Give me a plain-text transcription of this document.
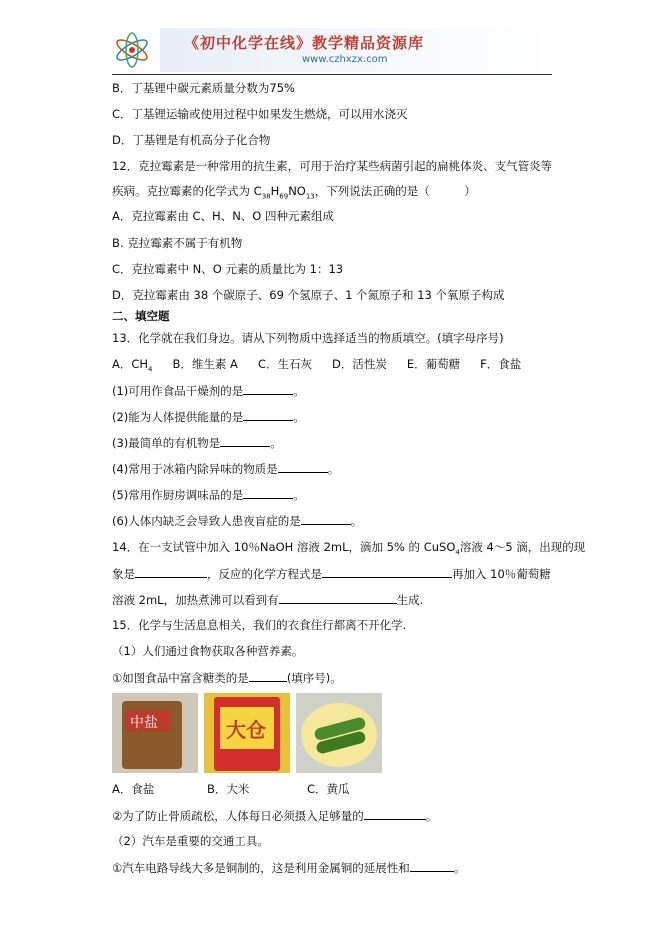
《初中化学在线》教学精品资源库
www.czhxzx.com
B．丁基锂中碳元素质量分数为75%
C．丁基锂运输或使用过程中如果发生燃烧，可以用水浇灭
D．丁基锂是有机高分子化合物
12．克拉霉素是一种常用的抗生素，可用于治疗某些病菌引起的扁桃体炎、支气管炎等
疾病。克拉霉素的化学式为 $C_{38}H_{69}NO_{13}$，下列说法正确的是（　　　）
A．克拉霉素由 C、H、N、O 四种元素组成
B. 克拉霉素不属于有机物
C．克拉霉素中 N、O 元素的质量比为 1：13
D．克拉霉素由 38 个碳原子、69 个氢原子、1 个氮原子和 13 个氧原子构成
二、填空题
13．化学就在我们身边。请从下列物质中选择适当的物质填空。(填字母序号)
A．$CH_4$ B．维生素 A C．生石灰 D．活性炭 E．葡萄糖 F．食盐
(1)可用作食品干燥剂的是	。
(2)能为人体提供能量的是	。
(3)最简单的有机物是	。
(4)常用于冰箱内除异味的物质是	。
(5)常用作厨房调味品的是	。
(6)人体内缺乏会导致人患夜盲症的是	。
14．在一支试管中加入 10％NaOH 溶液 2mL，滴加 5% 的 CuSO$_4$溶液 4～5 滴，出现的现
象是	，反应的化学方程式是	再加入 10％葡萄糖
溶液 2mL，加热煮沸可以看到有	生成.
15．化学与生活息息相关，我们的衣食住行都离不开化学.
（1）人们通过食物获取各种营养素。
①如图食品中富含糖类的是	(填序号)。
中盐	大仓
A．食盐	B．大米	C．黄瓜
②为了防止骨质疏松，人体每日必须摄入足够量的	。
（2）汽车是重要的交通工具。
①汽车电路导线大多是铜制的，这是利用金属铜的延展性和	。
